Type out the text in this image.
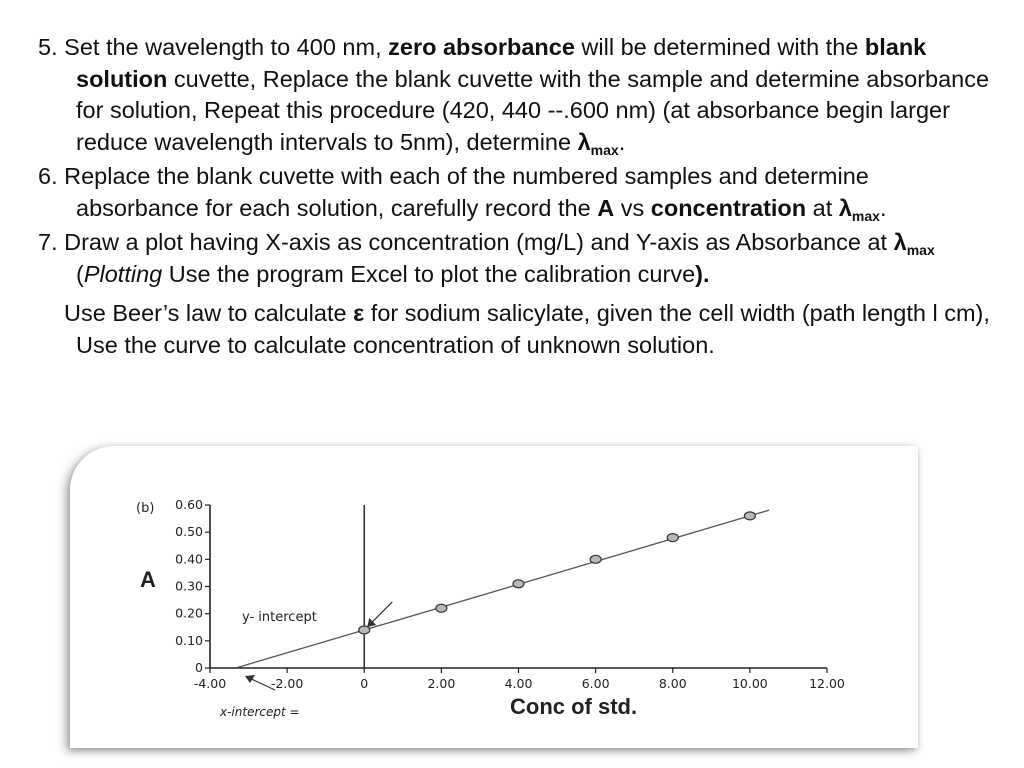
5. Set the wavelength to 400 nm, zero absorbance will be determined with the blank solution cuvette, Replace the blank cuvette with the sample and determine absorbance for solution, Repeat this procedure (420, 440 --.600 nm) (at absorbance begin larger reduce wavelength intervals to 5nm), determine $\lambda_{max}$.

6. Replace the blank cuvette with each of the numbered samples and determine absorbance for each solution, carefully record the A vs concentration at $\lambda_{max}$.

7. Draw a plot having X-axis as concentration (mg/L) and Y-axis as Absorbance at $\lambda_{max}$ (Plotting Use the program Excel to plot the calibration curve).

Use Beer’s law to calculate ε for sodium salicylate, given the cell width (path length l cm), Use the curve to calculate concentration of unknown solution.

0
0.10
0.20
0.30
0.40
0.50
0.60
-4.00	-2.00	0	2.00	4.00	6.00	8.00	10.00	12.00
(b)
A
Conc of std.
y- intercept
x-intercept =
